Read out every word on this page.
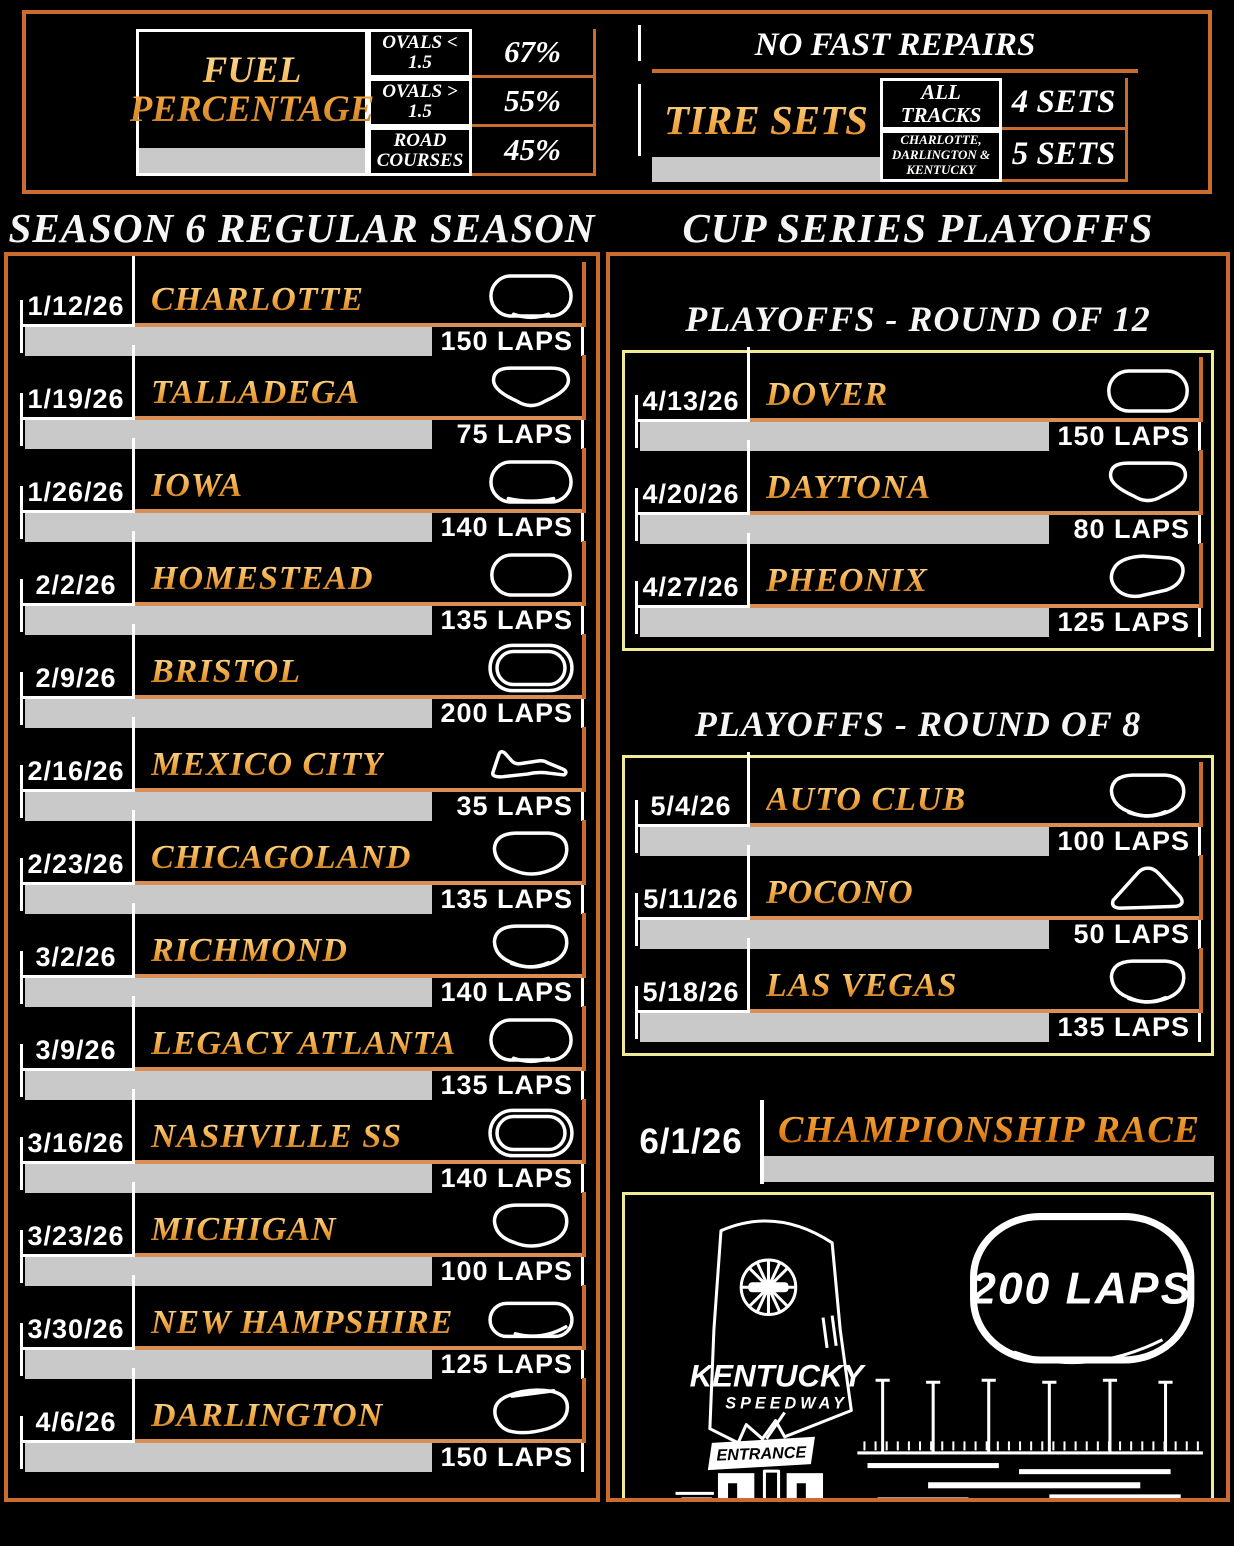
FUEL PERCENTAGE
OVALS < 1.5	67%
OVALS > 1.5	55%
ROAD COURSES	45%
NO FAST REPAIRS
TIRE SETS
ALL TRACKS 4 SETS
CHARLOTTE, DARLINGTON & KENTUCKY	5 SETS
SEASON 6 REGULAR SEASON
1/12/26 CHARLOTTE
150 LAPS
1/19/26 TALLADEGA
75 LAPS
1/26/26 IOWA
140 LAPS
2/2/26 HOMESTEAD
135 LAPS
2/9/26 BRISTOL
200 LAPS
2/16/26 MEXICO CITY
35 LAPS
2/23/26 CHICAGOLAND
135 LAPS
3/2/26 RICHMOND
140 LAPS
3/9/26 LEGACY ATLANTA
135 LAPS
3/16/26 NASHVILLE SS
140 LAPS
3/23/26 MICHIGAN
100 LAPS
3/30/26 NEW HAMPSHIRE
125 LAPS
4/6/26 DARLINGTON
150 LAPS
CUP SERIES PLAYOFFS
PLAYOFFS - ROUND OF 12
4/13/26 DOVER
150 LAPS
4/20/26 DAYTONA
80 LAPS
4/27/26 PHEONIX
125 LAPS
PLAYOFFS - ROUND OF 8
5/4/26 AUTO CLUB
100 LAPS
5/11/26 POCONO
50 LAPS
5/18/26 LAS VEGAS
135 LAPS
6/1/26 CHAMPIONSHIP RACE
KENTUCKY
SPEEDWAY
ENTRANCE
200 LAPS
